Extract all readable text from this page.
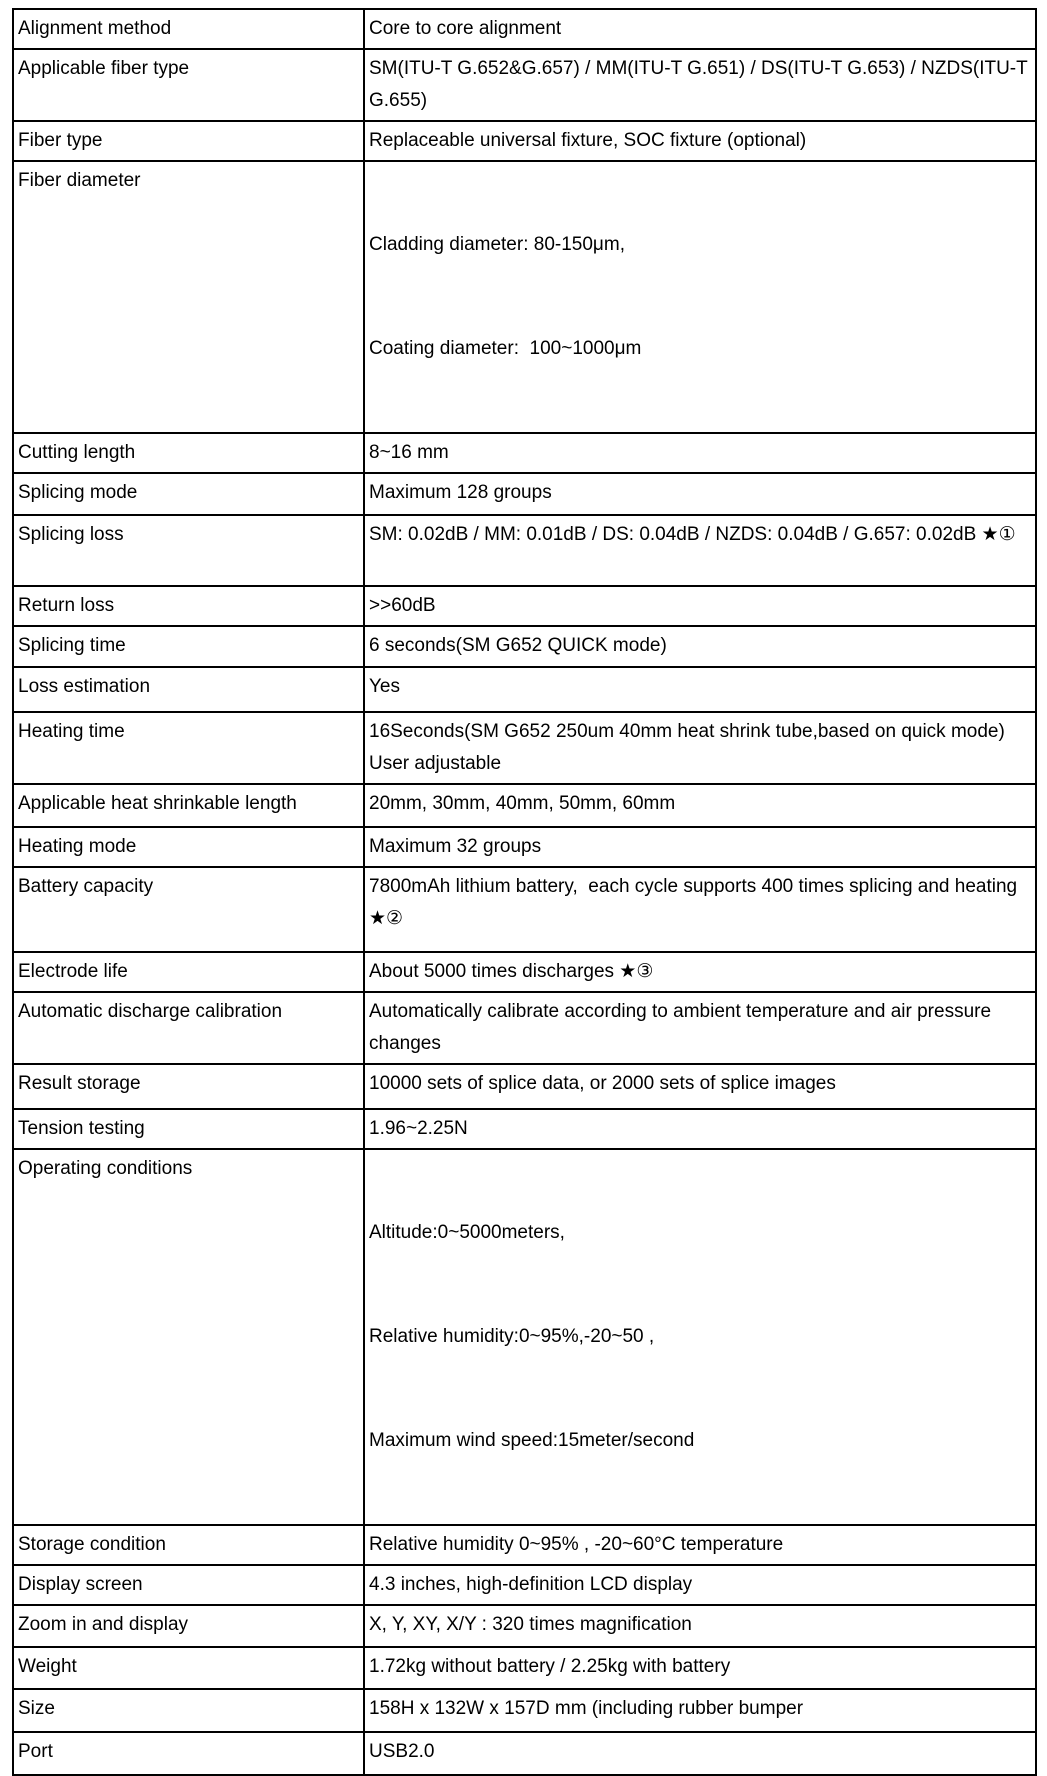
Alignment method	Core to core alignment
Applicable fiber type	SM(ITU-T G.652&G.657) / MM(ITU-T G.651) / DS(ITU-T G.653) / NZDS(ITU-T G.655)
Fiber type	Replaceable universal fixture, SOC fixture (optional)
Fiber diameter	Cladding diameter: 80-150μm,

Coating diameter:  100~1000μm

Cutting length	8~16 mm
Splicing mode	Maximum 128 groups
Splicing loss	SM: 0.02dB / MM: 0.01dB / DS: 0.04dB / NZDS: 0.04dB / G.657: 0.02dB ★①
Return loss	>>60dB
Splicing time	6 seconds(SM G652 QUICK mode)
Loss estimation	Yes
Heating time	16Seconds(SM G652 250um 40mm heat shrink tube,based on quick mode) User adjustable
Applicable heat shrinkable length	20mm, 30mm, 40mm, 50mm, 60mm
Heating mode	Maximum 32 groups
Battery capacity	7800mAh lithium battery,  each cycle supports 400 times splicing and heating ★②
Electrode life	About 5000 times discharges ★③
Automatic discharge calibration	Automatically calibrate according to ambient temperature and air pressure changes
Result storage	10000 sets of splice data, or 2000 sets of splice images
Tension testing	1.96~2.25N
Operating conditions	Altitude:0~5000meters,

Relative humidity:0~95%,-20~50 ,

Maximum wind speed:15meter/second

Storage condition	Relative humidity 0~95% , -20~60°C temperature
Display screen	4.3 inches, high-definition LCD display
Zoom in and display	X, Y, XY, X/Y : 320 times magnification
Weight	1.72kg without battery / 2.25kg with battery
Size	158H x 132W x 157D mm (including rubber bumper
Port	USB2.0
